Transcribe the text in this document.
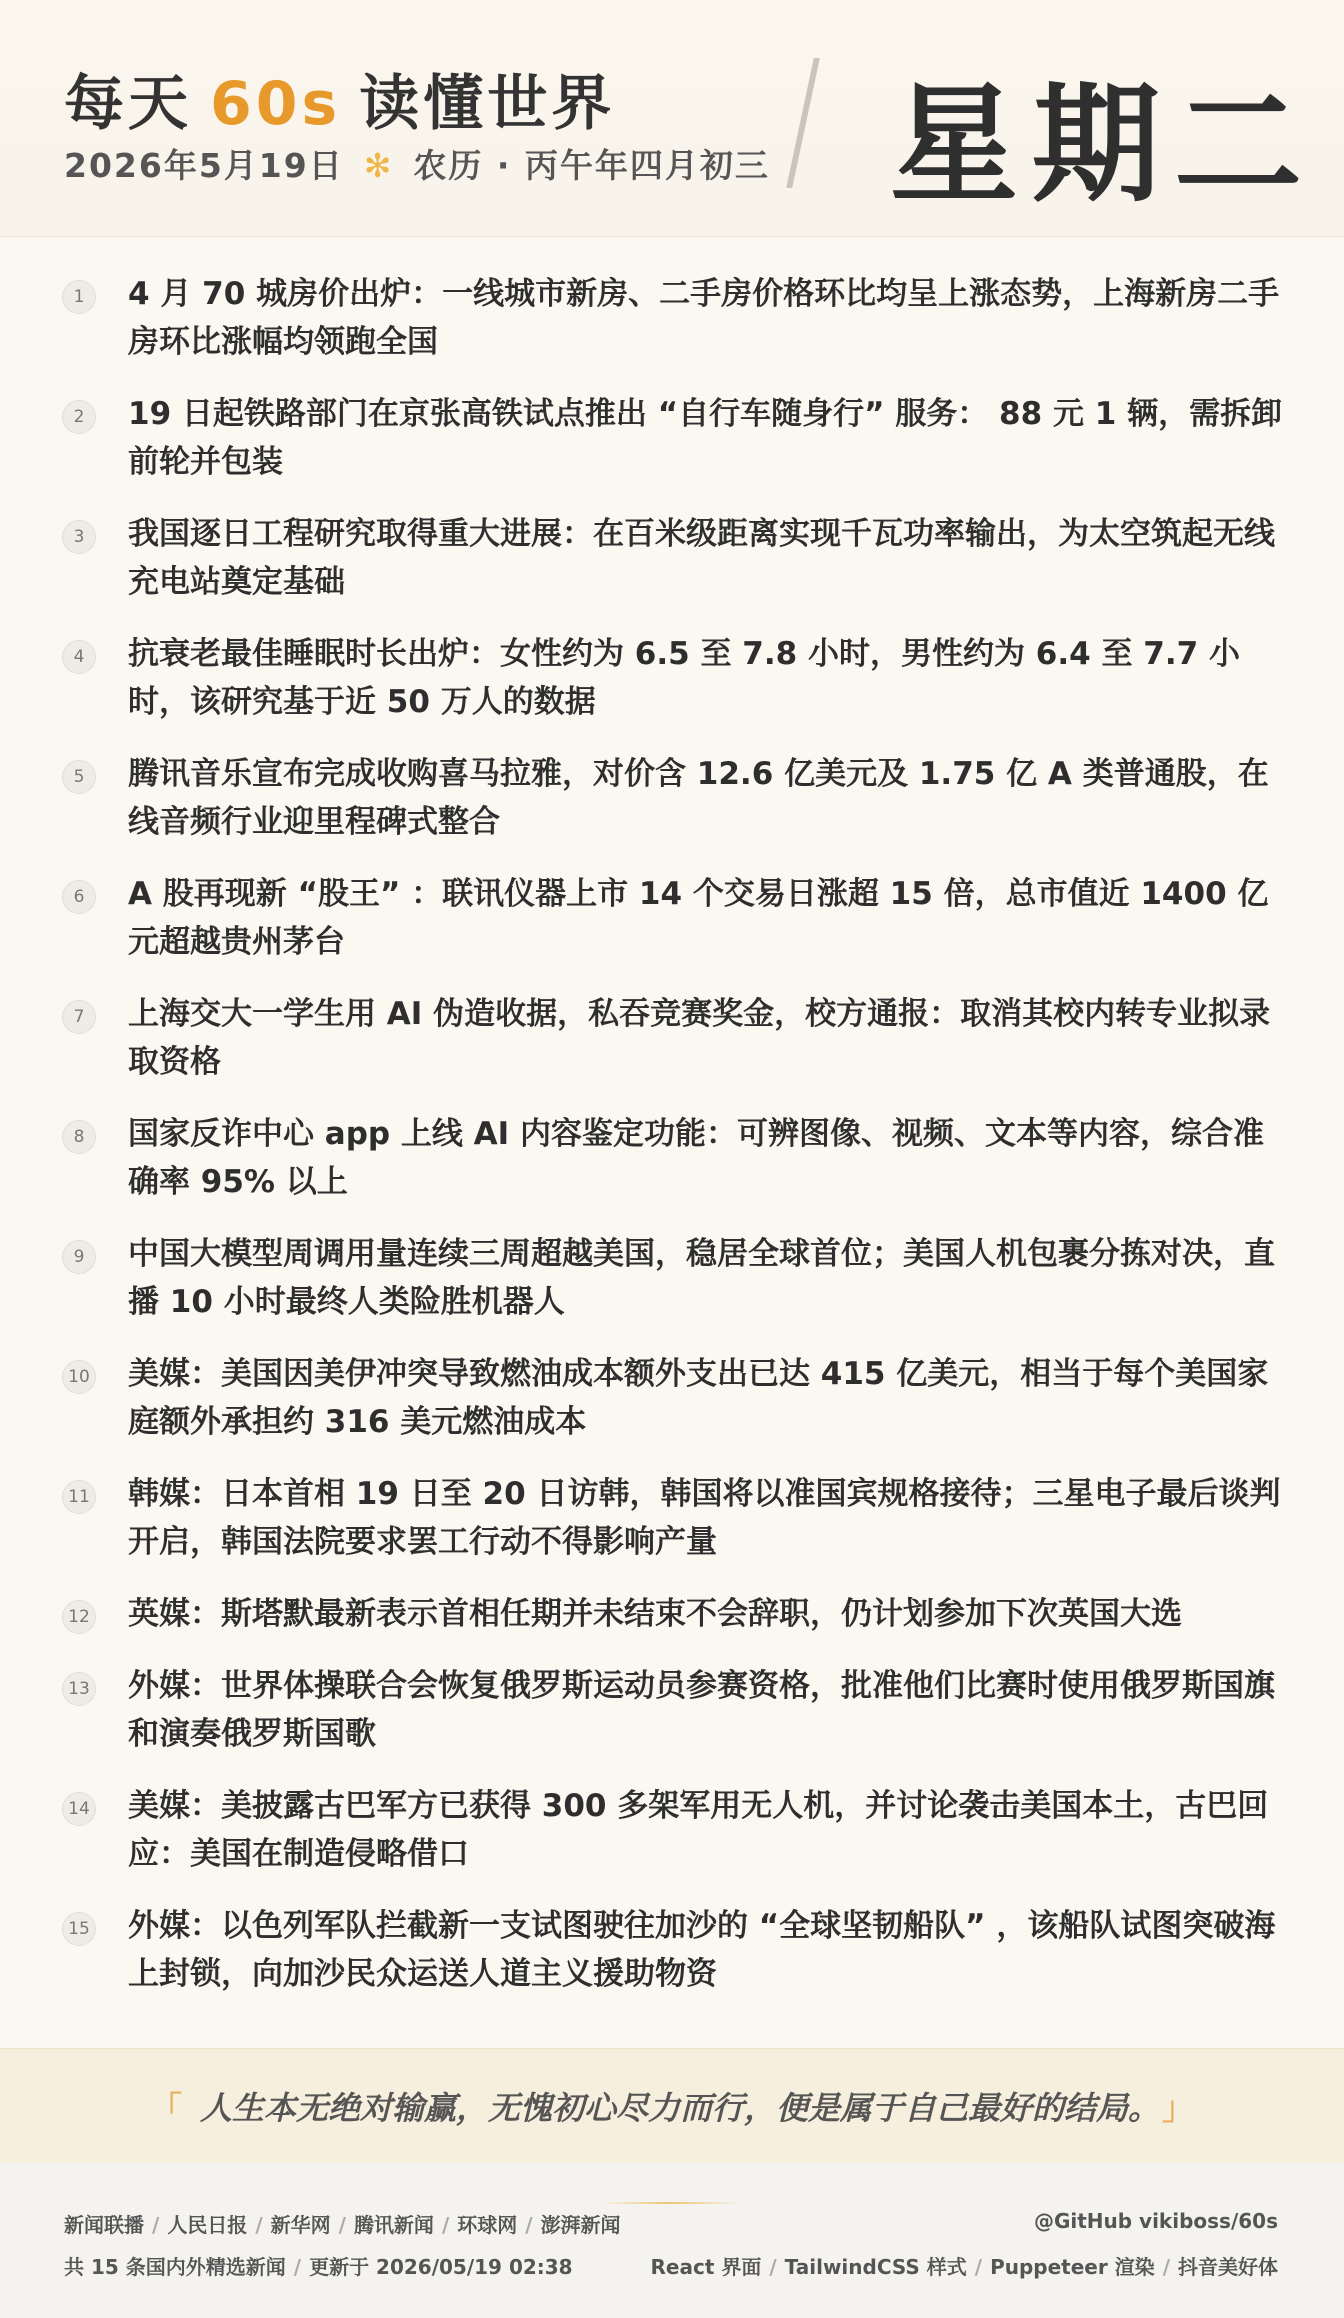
每天 60s 读懂世界
2026年5月19日 ✻ 农历 · 丙午年四月初三 星期二
1	4 月 70 城房价出炉：一线城市新房、二手房价格环比均呈上涨态势，上海新房二手房环比涨幅均领跑全国
2	19 日起铁路部门在京张高铁试点推出 “自行车随身行” 服务： 88 元 1 辆，需拆卸前轮并包装
3	我国逐日工程研究取得重大进展：在百米级距离实现千瓦功率输出，为太空筑起无线充电站奠定基础
4	抗衰老最佳睡眠时长出炉：女性约为 6.5 至 7.8 小时，男性约为 6.4 至 7.7 小时，该研究基于近 50 万人的数据
5	腾讯音乐宣布完成收购喜马拉雅，对价含 12.6 亿美元及 1.75 亿 A 类普通股，在线音频行业迎里程碑式整合
6	A 股再现新 “股王” ：联讯仪器上市 14 个交易日涨超 15 倍，总市值近 1400 亿元超越贵州茅台
7	上海交大一学生用 AI 伪造收据，私吞竞赛奖金，校方通报：取消其校内转专业拟录取资格
8	国家反诈中心 app 上线 AI 内容鉴定功能：可辨图像、视频、文本等内容，综合准确率 95% 以上
9	中国大模型周调用量连续三周超越美国，稳居全球首位；美国人机包裹分拣对决，直播 10 小时最终人类险胜机器人
10 美媒：美国因美伊冲突导致燃油成本额外支出已达 415 亿美元，相当于每个美国家庭额外承担约 316 美元燃油成本
11 韩媒：日本首相 19 日至 20 日访韩，韩国将以准国宾规格接待；三星电子最后谈判开启，韩国法院要求罢工行动不得影响产量
12 英媒：斯塔默最新表示首相任期并未结束不会辞职，仍计划参加下次英国大选
13 外媒：世界体操联合会恢复俄罗斯运动员参赛资格，批准他们比赛时使用俄罗斯国旗和演奏俄罗斯国歌
14 美媒：美披露古巴军方已获得 300 多架军用无人机，并讨论袭击美国本土，古巴回应：美国在制造侵略借口
15 外媒：以色列军队拦截新一支试图驶往加沙的 “全球坚韧船队” ，该船队试图突破海上封锁，向加沙民众运送人道主义援助物资
「 人生本无绝对输赢，无愧初心尽力而行，便是属于自己最好的结局。 」
新闻联播 / 人民日报 / 新华网 / 腾讯新闻 / 环球网 / 澎湃新闻	@GitHub vikiboss/60s
共 15 条国内外精选新闻 / 更新于 2026/05/19 02:38	React 界面 / TailwindCSS 样式 / Puppeteer 渲染 / 抖音美好体
